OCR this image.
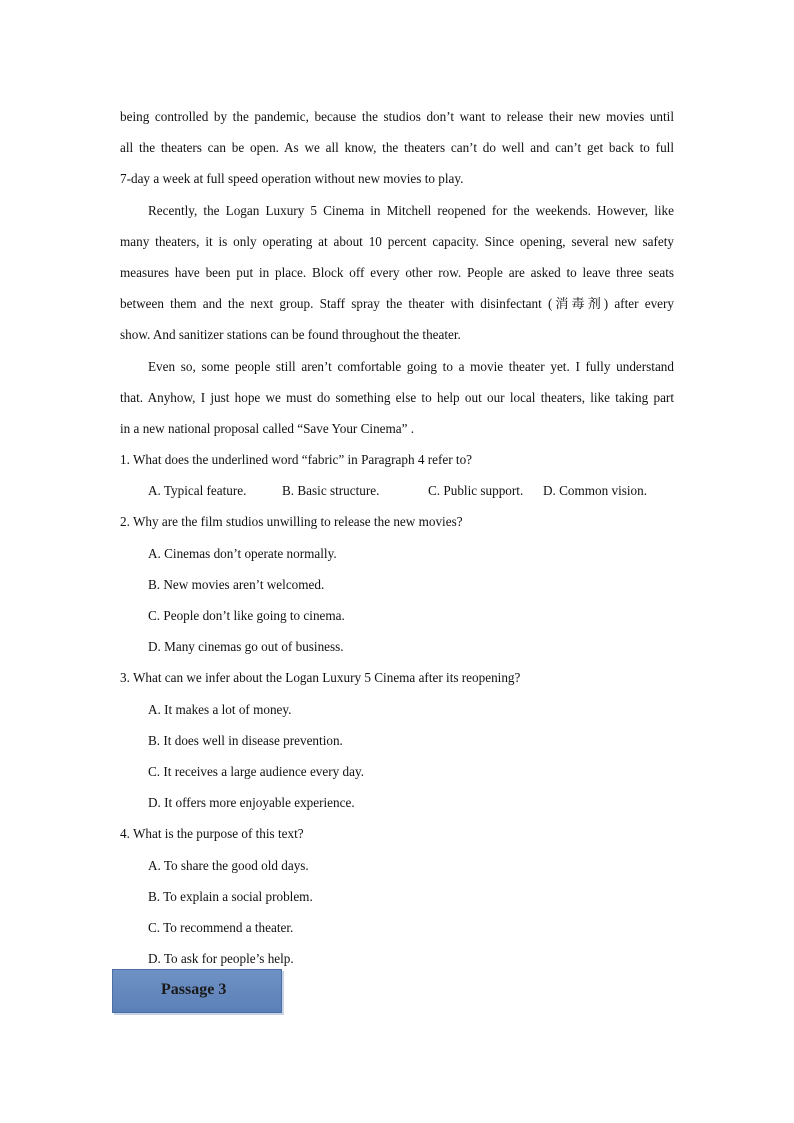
being controlled by the pandemic, because the studios don’t want to release their new movies until
all the theaters can be open. As we all know, the theaters can’t do well and can’t get back to full
7-day a week at full speed operation without new movies to play.
Recently, the Logan Luxury 5 Cinema in Mitchell reopened for the weekends. However, like
many theaters, it is only operating at about 10 percent capacity. Since opening, several new safety
measures have been put in place. Block off every other row. People are asked to leave three seats
between them and the next group. Staff spray the theater with disinfectant (消毒剂) after every
show. And sanitizer stations can be found throughout the theater.
Even so, some people still aren’t comfortable going to a movie theater yet. I fully understand
that. Anyhow, I just hope we must do something else to help out our local theaters, like taking part
in a new national proposal called “Save Your Cinema” .
1. What does the underlined word “fabric” in Paragraph 4 refer to?
A. Typical feature.	B. Basic structure.	C. Public support.	D. Common vision.
2. Why are the film studios unwilling to release the new movies?
A. Cinemas don’t operate normally.
B. New movies aren’t welcomed.
C. People don’t like going to cinema.
D. Many cinemas go out of business.
3. What can we infer about the Logan Luxury 5 Cinema after its reopening?
A. It makes a lot of money.
B. It does well in disease prevention.
C. It receives a large audience every day.
D. It offers more enjoyable experience.
4. What is the purpose of this text?
A. To share the good old days.
B. To explain a social problem.
C. To recommend a theater.
D. To ask for people’s help.
Passage 3
